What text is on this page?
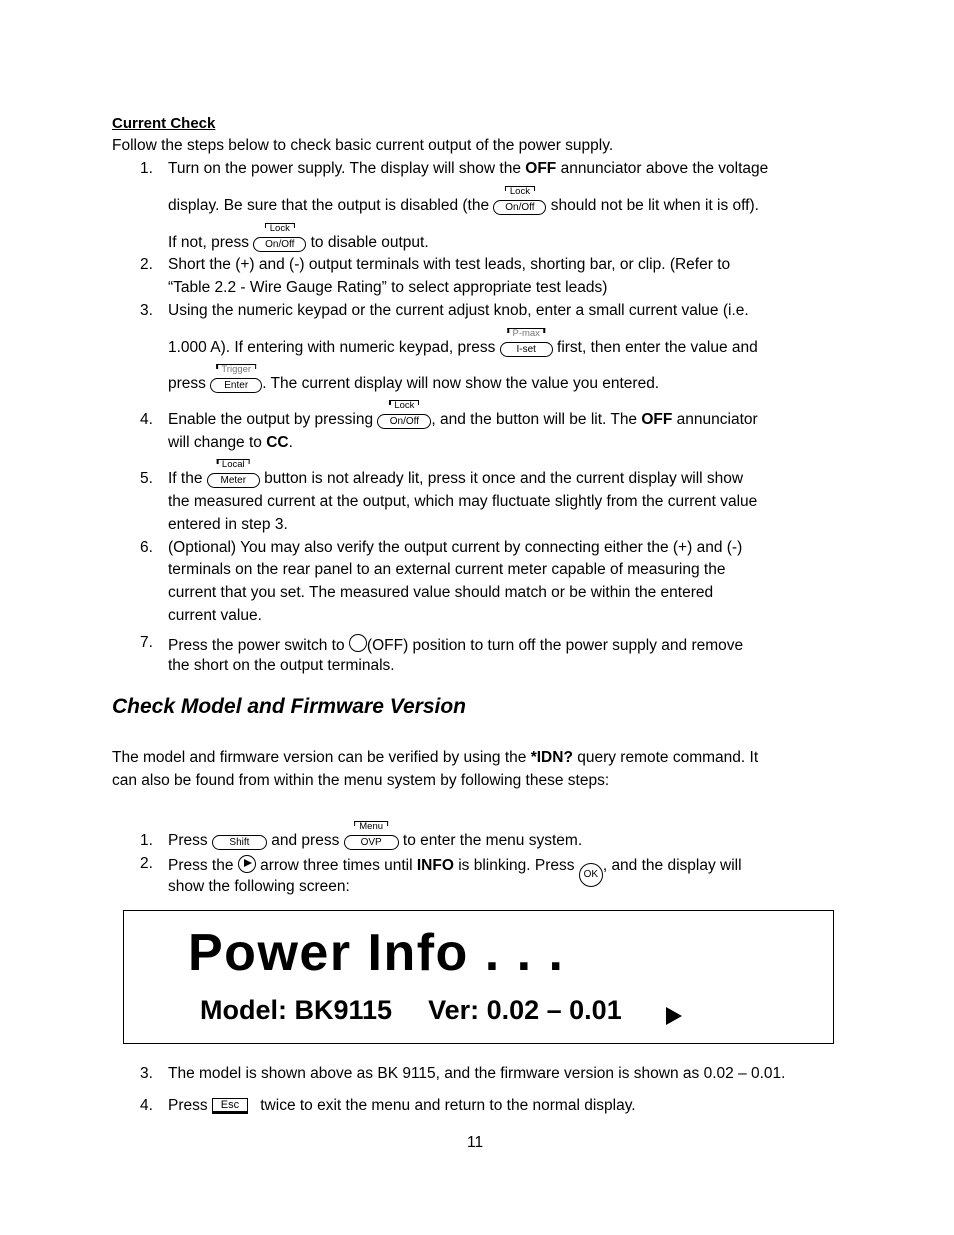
Current Check
Follow the steps below to check basic current output of the power supply.
1. Turn on the power supply. The display will show the OFF annunciator above the voltage
display. Be sure that the output is disabled (the
Lock
On/Off should not be lit when it is off).
If not, press
Lock
On/Off to disable output.
2. Short the (+) and (-) output terminals with test leads, shorting bar, or clip. (Refer to
“Table 2.2 - Wire Gauge Rating” to select appropriate test leads)
3. Using the numeric keypad or the current adjust knob, enter a small current value (i.e.
1.000 A). If entering with numeric keypad, press
P-max
I-set first, then enter the value and
press
Trigger
Enter . The current display will now show the value you entered.
4. Enable the output by pressing
Lock
On/Off , and the button will be lit. The OFF annunciator
will change to CC.
5. If the
Local
Meter button is not already lit, press it once and the current display will show
the measured current at the output, which may fluctuate slightly from the current value
entered in step 3.
6. (Optional) You may also verify the output current by connecting either the (+) and (-)
terminals on the rear panel to an external current meter capable of measuring the
current that you set. The measured value should match or be within the entered
current value.
7. Press the power switch to (OFF) position to turn off the power supply and remove
the short on the output terminals.
Check Model and Firmware Version
The model and firmware version can be verified by using the *IDN? query remote command. It
can also be found from within the menu system by following these steps:
1. Press Shift and press
Menu
OVP to enter the menu system.
2. Press the  arrow three times until INFO is blinking. Press OK, and the display will
show the following screen:
Power Info . . .
Model: BK9115 Ver: 0.02 – 0.01
3. The model is shown above as BK 9115, and the firmware version is shown as 0.02 – 0.01.
4. Press Esc twice to exit the menu and return to the normal display.
11
